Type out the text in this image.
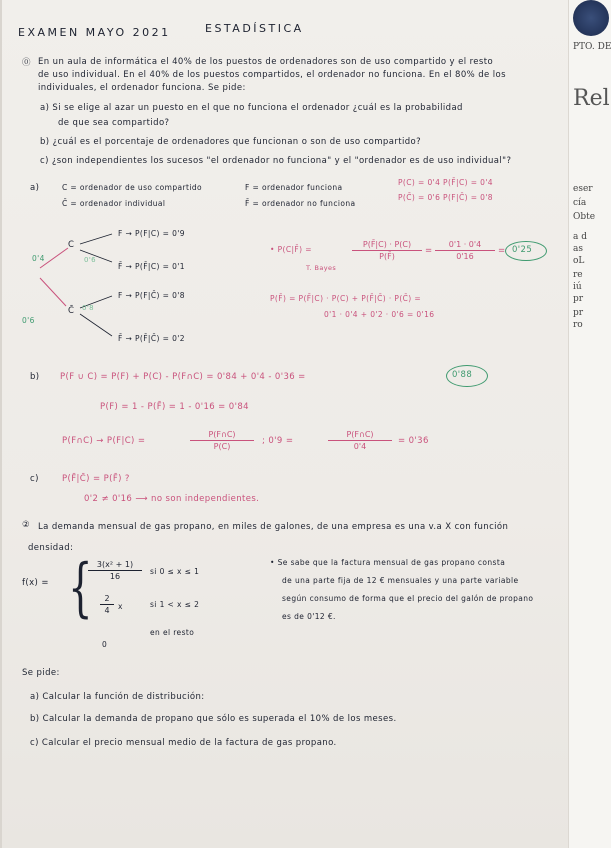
EXAMEN MAYO 2021	ESTADÍSTICA
⓪ En un aula de informática el 40% de los puestos de ordenadores son de uso compartido y el resto
de uso individual. En el 40% de los puestos compartidos, el ordenador no funciona. En el 80% de los
individuales, el ordenador funciona. Se pide:
a) Si se elige al azar un puesto en el que no funciona el ordenador ¿cuál es la probabilidad
de que sea compartido?
b) ¿cuál es el porcentaje de ordenadores que funcionan o son de uso compartido?
c) ¿son independientes los sucesos "el ordenador no funciona" y el "ordenador es de uso individual"?
a)	C = ordenador de uso compartido
C̄ = ordenador individual
F = ordenador funciona
F̄ = ordenador no funciona
P(C) = 0'4 P(F̄|C) = 0'4
P(C̄) = 0'6 P(F|C̄) = 0'8
C
C̄
0'4
0'6
0'6
0'8
F → P(F|C) = 0'9
F̄ → P(F̄|C) = 0'1
F → P(F|C̄) = 0'8
F̄ → P(F̄|C̄) = 0'2
• P(C|F̄) =
T. Bayes
P(F̄|C) · P(C)
P(F̄)
=
0'1 · 0'4
0'16
= 0'25
P(F̄) = P(F̄|C) · P(C) + P(F̄|C̄) · P(C̄) =
0'1 · 0'4 + 0'2 · 0'6 = 0'16
b) P(F ∪ C) = P(F) + P(C) - P(F∩C) = 0'84 + 0'4 - 0'36 =	0'88
P(F) = 1 - P(F̄) = 1 - 0'16 = 0'84
P(F∩C) → P(F|C) =
P(F∩C)
P(C)
; 0'9 =
P(F∩C)
0'4
= 0'36
c)	P(F̄|C̄) = P(F̄) ?
0'2 ≠ 0'16 ⟶ no son independientes.
② La demanda mensual de gas propano, en miles de galones, de una empresa es una v.a X con función
densidad:
f(x) = { 3(x² + 1)
16
si 0 ≤ x ≤ 1
2
4	x	si 1 < x ≤ 2
0
en el resto
• Se sabe que la factura mensual de gas propano consta
de una parte fija de 12 € mensuales y una parte variable
según consumo de forma que el precio del galón de propano
es de 0'12 €.
Se pide:
a) Calcular la función de distribución:
b) Calcular la demanda de propano que sólo es superada el 10% de los meses.
c) Calcular el precio mensual medio de la factura de gas propano.
PTO. DE
Rel
eser
cía
Obte
a d
as
oL
re
iú
pr
pr
ro
